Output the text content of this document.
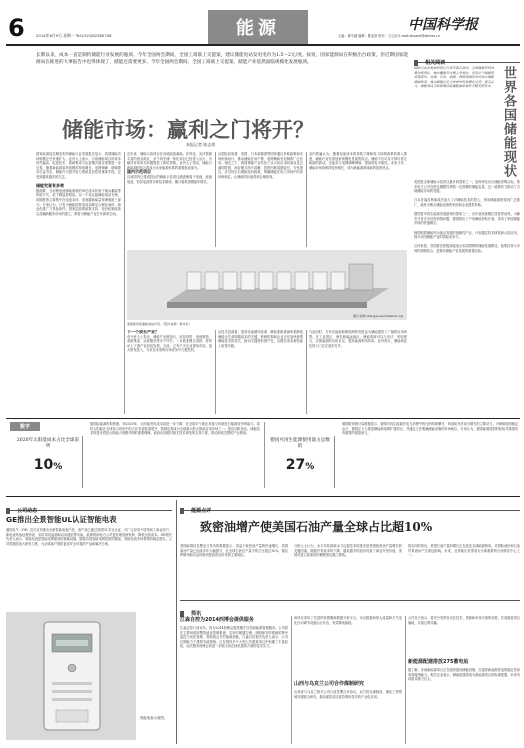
6	2014年6月9日 星期一 Tel:(010)62580706	能源	中国科学报
主编：黄辛湖 编辑：陈亚欣 校对：王心怡 E-mail:zhuanti@stimes.cn
长期以来，成本一直是制约储能行业发展的瓶颈。今年全国两会期间，全国工商联上交提案，建议储能电站发电电价为1.5～2元/度。按说，国家能源局在积极出台政策，但近期国家能源局在推进的大事报告中也得体现了，储能还需要更多。今年全国两会期间，全国工商联上交提案，储能产业依然面临规模化发展瓶颈。
储能市场：赢利之门将开？
本报记者 陈志豪
国家能源局近期发布的储能行业发展报告显示，我国储能市场规模正在快速扩大。业内人士表示，目前储能项目的成本仍然偏高，电池技术、系统集成与运营模式都还需要进一步完善。随着新能源装机规模的持续增长，电网调峰、调频需求日益突出，储能作为提升电力系统灵活性的重要手段，正受到越来越多的关注。

储能究竟有多贵
据测算，当前锂电池储能系统的单位成本仍高于抽水蓄能等传统方式，但下降趋势明显。以一个兆瓦级储能电站为例，初期投资主要集中在电池本体、变流器和能量管理系统三部分。专家认为，只有当储能的度电成本降至合理区间时，商业化推广才具备条件。国家层面的政策支持、电价机制改革以及辅助服务市场的建立，都将为储能产业打开新的空间。
近年来，储能示范项目在各地陆续落地。在风电、光伏资源丰富的西北地区，多个风光储一体化项目已经投入运行，为解决弃风弃光问题提供了新的思路。业内人士指出，储能与新能源的结合将成为未来能源体系的重要组成部分。
国内示范项目
目前国内已建成投运的储能示范项目涵盖锂离子电池、液流电池、铅炭电池等多种技术路线，累计装机规模逐年增长。
从国际经验看，美国、日本和德国等国家通过补贴政策和市场机制设计，推动储能在用户侧、电网侧和发电侧的广泛应用。相比之下，我国储能产业仍处于从示范应用向商业化过渡的阶段，商业模式尚不清晰，投资回报周期较长。专家建议，应尽快出台储能电价政策，明确储能在电力市场中的身份和地位，让储能的价值得到合理体现。
业内普遍认为，随着电池成本的持续下降和电力体制改革的深入推进，储能行业有望迎来规模化发展的拐点。储能不仅可以平抑可再生能源的波动，还能参与电网调峰调频，提高供电可靠性。未来几年，储能市场将保持较快增长，成为新能源领域新的投资热点。
图片来源:zhangye.worldwatch.org
美国加州某储能电站外景。（图片来源：新华社）
下一个成长产业？
有分析人士指出，储能产业链条长，涉及材料、电池制造、系统集成、运营服务等多个环节，一旦商业模式成熟，将带动上下游产业协同发展。当前，已有不少企业提前布局，加大研发投入，力求在未来的市场竞争中占据先机。
从技术层面看，提高电池循环寿命、降低系统衰减率是降低储能全生命周期成本的关键。科研机构和企业正在加快新型储能技术的攻关，推动关键材料国产化，以期在成本和性能上取得突破。
与此同时，分布式能源和微电网的发展也为储能提供了广阔的应用场景。在工业园区、海岛和偏远地区，储能系统可以与光伏、风电配合，实现能源的自给自足，提高能源利用效率。业内预计，储能商业化的大门正在逐步打开。
相关阅读
世界各国储能现状
国际可再生能源机构近日发布报告指出，全球储能装机容量持续增长，抽水蓄能仍占据主导地位，但电化学储能的增速最快。美国、日本、德国、韩国等国家纷纷出台储能激励政策，推动储能在电力系统中的规模化应用。报告认为，储能将成为构建清洁低碳能源体系的关键支撑技术。
美国是全球储能示范项目最多的国家之一。加州率先出台储能采购目标，要求电力公司在规定期限内采购一定规模的储能容量，这一政策有力推动了当地储能市场的发展。

日本在福岛核事故后加大了对储能技术的投入，家用储能系统得到广泛推广，政府为购买储能设备的家庭和企业提供补贴。

德国是可再生能源发展最快的国家之一，光伏装机规模位居世界前列。为解决分布式光伏的消纳问题，德国推出了户用储能补贴计划，带动了家庭储能市场的快速增长。

韩国则将储能列为重点发展的战略性产业，计划通过技术研发和示范应用，提升本国储能产业的国际竞争力。

总体来看，各国都在积极探索适合本国国情的储能发展路径，政策扶持与市场机制相结合，是推动储能产业发展的重要经验。
数字
2020年太阳能成本占比全球前列
10%
据国际能源机构预测，到2020年，太阳能发电成本将进一步下降，在全球多个地区具备与传统化石能源竞争的能力。届时太阳能在全球电力供应中的占比有望显著提升，我国也将成为全球最大的太阳能应用市场之一。报告同时指出，储能技术的进步将是太阳能大规模并网的重要保障，政府应加强对相关技术研发的支持力度，推动形成完整的产业链条。
德国可再生能源使用量占总数的
27%
德国联邦统计局数据显示，德国可再生能源在电力消费中的比例持续攀升，风电和光伏成为增长的主要动力。为保障电网稳定运行，德国正大力推进储能和电网扩建项目，并通过立法明确储能设施的市场地位。专家认为，德国能源转型的经验对我国具有重要的借鉴意义。
公司动态
GE推出全景智能UL认证智能电表
通用电气（GE）近日宣布推出全新智能电表产品，该产品已通过美国UL安全认证，可广泛应用于居民和工商业用户。新电表具备远程抄表、实时用电监测和双向通信等功能，能够帮助电力公司更好地管理负荷、降低运营成本。GE相关负责人表示，智能电表是智能电网建设的基础设施，随着各国智能电网投资的增加，智能电表市场将保持稳定增长。公司将继续加大研发力度，为全球客户提供更加安全可靠的产品和解决方案。
智能电表示意图。
能源点评
致密油增产使美国石油产量全球占比超10%
美国能源信息署近日发布的数据显示，得益于致密油产量的快速增长，美国原油产量已连续多年大幅提升，在全球石油总产量中的占比超过10%。德克萨斯州和北达科他州是致密油开发的主要地区。
分析人士认为，水平井钻探和水力压裂技术的进步是美国致密油产量增长的关键因素。随着开采成本的下降，越来越多的油田具备了商业开发价值，美国对进口原油的依赖程度也随之降低。
报告同时指出，美国石油产量的增长正在改变全球能源格局，对国际油价和石油贸易流向产生深远影响。未来，北美地区有望成为全球重要的石油供应中心之一。
简讯
江森自控为2014西博会提供服务
江森自控日前宣布，将为2014西博会提供楼宇自控和能源管理服务。公司将在主要场馆部署智能化控制系统，实现对暖通空调、照明和安防系统的集中监控与优化管理，帮助展会节约能源消耗。江森自控相关负责人表示，公司长期致力于建筑节能领域，已在国内多个大型公共建筑项目中积累了丰富经验，此次服务西博会将进一步展示其在绿色建筑方面的技术实力。
该项目采用了先进的传感器和数据分析平台，可以根据场馆人流量和天气变化自动调节设备运行状态，有效降低能耗。
山西与乌克兰公司合作煤制研究
山西省与乌克兰相关公司日前签署合作协议，双方将在煤制油、煤化工等领域开展联合研究，推动煤炭清洁高效利用技术的产业化应用。
合作各方表示，将充分发挥各自在技术、资源和市场方面的优势，共同推进项目落地，实现互利共赢。
新能源配建排放275蓄电站
据了解，多地新能源项目正在配套建设储能设施，以提高新能源发电的稳定性和电网接纳能力。相关企业表示，储能配建将成为新能源项目的标准配置，未来市场需求潜力巨大。
